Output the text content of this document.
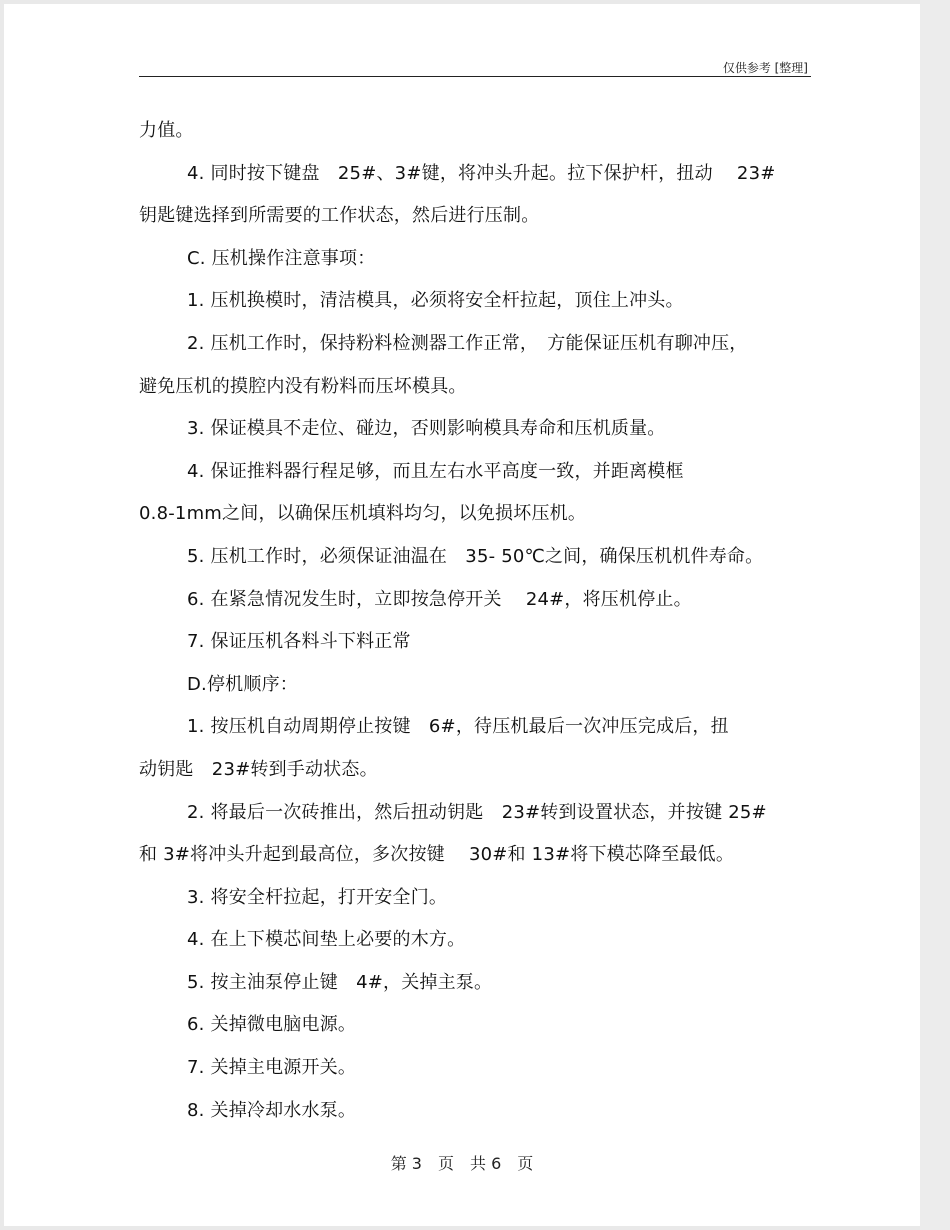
仅供参考 [整理]
力值。
4. 同时按下键盘　25#、3#键，将冲头升起。拉下保护杆，扭动　 23#
钥匙键选择到所需要的工作状态，然后进行压制。
C. 压机操作注意事项：
1. 压机换模时，清洁模具，必须将安全杆拉起，顶住上冲头。
2. 压机工作时，保持粉料检测器工作正常，　方能保证压机有聊冲压，
避免压机的摸腔内没有粉料而压坏模具。
3. 保证模具不走位、碰边，否则影响模具寿命和压机质量。
4. 保证推料器行程足够，而且左右水平高度一致，并距离模框
0.8-1mm之间，以确保压机填料均匀，以免损坏压机。
5. 压机工作时，必须保证油温在　35- 50℃之间，确保压机机件寿命。
6. 在紧急情况发生时，立即按急停开关　 24#，将压机停止。
7. 保证压机各料斗下料正常
D.停机顺序：
1. 按压机自动周期停止按键　6#，待压机最后一次冲压完成后，扭
动钥匙　23#转到手动状态。
2. 将最后一次砖推出，然后扭动钥匙　23#转到设置状态，并按键 25#
和 3#将冲头升起到最高位，多次按键　 30#和 13#将下模芯降至最低。
3. 将安全杆拉起，打开安全门。
4. 在上下模芯间垫上必要的木方。
5. 按主油泵停止键　4#，关掉主泵。
6. 关掉微电脑电源。
7. 关掉主电源开关。
8. 关掉冷却水水泵。
第 3　页　共 6　页
